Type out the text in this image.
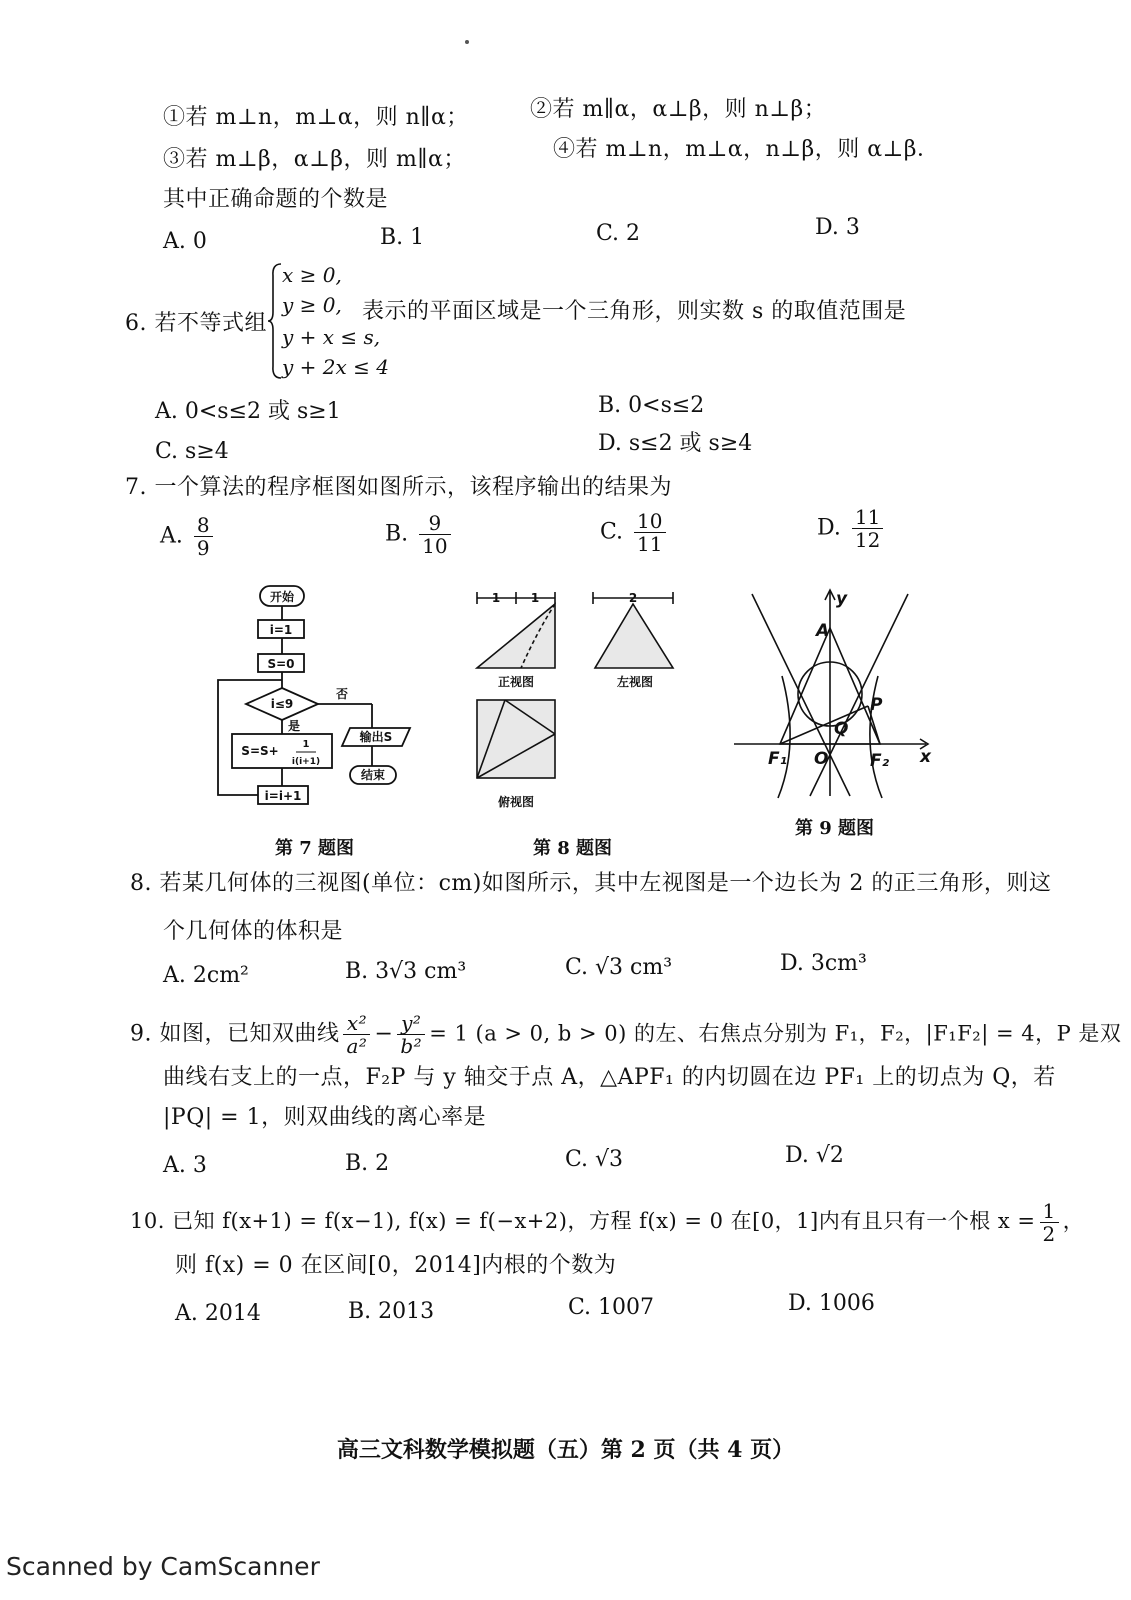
①若 m⊥n，m⊥α，则 n∥α；	②若 m∥α，α⊥β，则 n⊥β；
③若 m⊥β，α⊥β，则 m∥α；	④若 m⊥n，m⊥α，n⊥β，则 α⊥β．
其中正确命题的个数是
A. 0	B. 1	C. 2	D. 3
6. 若不等式组
x ≥ 0,
y ≥ 0,
y + x ≤ s,
y + 2x ≤ 4
表示的平面区域是一个三角形，则实数 s 的取值范围是
A. 0<s≤2 或 s≥1	B. 0<s≤2
C. s≥4	D. s≤2 或 s≥4
7. 一个算法的程序框图如图所示，该程序输出的结果为
A. $\frac{8}{9}$	B. $\frac{9}{10}$	C. $\frac{10}{11}$	D. $\frac{11}{12}$
开始
i=1
S=0
i≤9
否
是
S=S+ 1
i(i+1)
输出S
结束
i=i+1
第 7 题图
1	1	2
正视图	左视图
俯视图
第 8 题图
y
x
A
P
Q
F₁ O F₂
第 9 题图
8. 若某几何体的三视图(单位：cm)如图所示，其中左视图是一个边长为 2 的正三角形，则这
个几何体的体积是
A. 2cm²	B. 3√3 cm³	C. √3 cm³	D. 3cm³
9. 如图，已知双曲线 $\frac{\text{x²}}{\text{a²}} - \frac{\text{y²}}{\text{b²}} = 1$ (a > 0, b > 0) 的左、右焦点分别为 F₁，F₂，|F₁F₂| = 4，P 是双
曲线右支上的一点，F₂P 与 y 轴交于点 A，△APF₁ 的内切圆在边 PF₁ 上的切点为 Q，若
|PQ| = 1，则双曲线的离心率是
A. 3	B. 2	C. √3	D. √2
10. 已知 f(x+1) = f(x−1), f(x) = f(−x+2)，方程 f(x) = 0 在[0，1]内有且只有一个根 $x = \frac{1}{2}$ ，
则 f(x) = 0 在区间[0，2014]内根的个数为
A. 2014	B. 2013	C. 1007	D. 1006
高三文科数学模拟题（五）第 2 页（共 4 页）
Scanned by CamScanner
